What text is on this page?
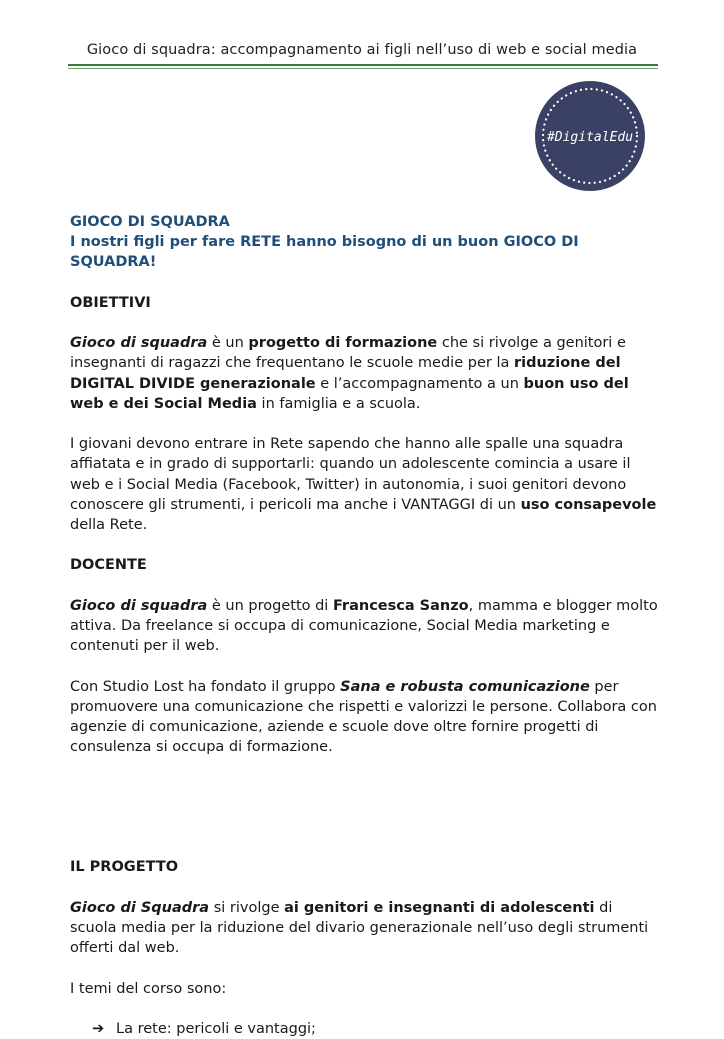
Gioco di squadra: accompagnamento ai figli nell’uso di web e social media
#DigitalEdu

GIOCO DI SQUADRA

I nostri figli per fare RETE hanno bisogno di un buon GIOCO DI SQUADRA!

OBIETTIVI

Gioco di squadra è un progetto di formazione che si rivolge a genitori e insegnanti di ragazzi che frequentano le scuole medie per la riduzione del DIGITAL DIVIDE generazionale e l’accompagnamento a un buon uso del web e dei Social Media in famiglia e a scuola.

I giovani devono entrare in Rete sapendo che hanno alle spalle una squadra affiatata e in grado di supportarli: quando un adolescente comincia a usare il web e i Social Media (Facebook, Twitter) in autonomia, i suoi genitori devono conoscere gli strumenti, i pericoli ma anche i VANTAGGI di un uso consapevole della Rete.

DOCENTE

Gioco di squadra è un progetto di Francesca Sanzo, mamma e blogger molto attiva. Da freelance si occupa di comunicazione, Social Media marketing e contenuti per il web.

Con Studio Lost ha fondato il gruppo Sana e robusta comunicazione per promuovere una comunicazione che rispetti e valorizzi le persone. Collabora con agenzie di comunicazione, aziende e scuole dove oltre fornire progetti di consulenza si occupa di formazione.

IL PROGETTO

Gioco di Squadra si rivolge ai genitori e insegnanti di adolescenti di scuola media per la riduzione del divario generazionale nell’uso degli strumenti offerti dal web.

I temi del corso sono:

➔ La rete: pericoli e vantaggi;
